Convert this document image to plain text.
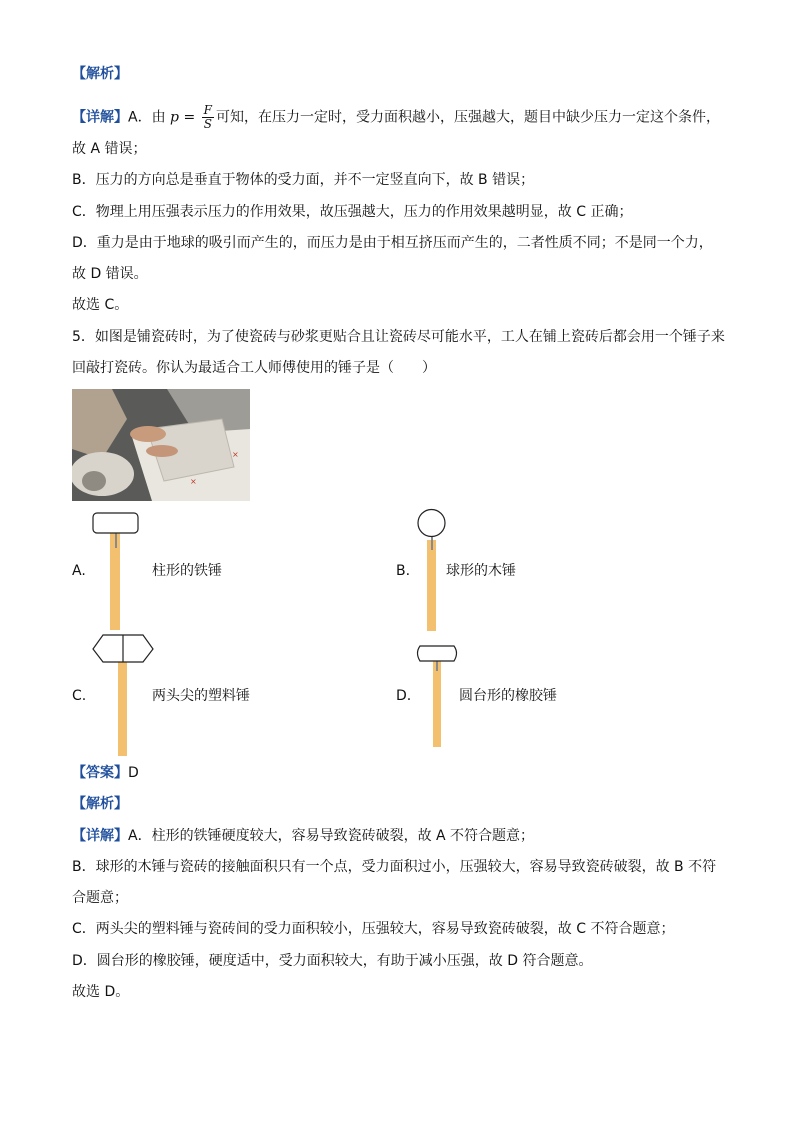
【解析】
【详解】A．由 $p = \frac{F}{S}$ 可知，在压力一定时，受力面积越小，压强越大，题目中缺少压力一定这个条件，
故 A 错误；
B．压力的方向总是垂直于物体的受力面，并不一定竖直向下，故 B 错误；
C．物理上用压强表示压力的作用效果，故压强越大，压力的作用效果越明显，故 C 正确；
D．重力是由于地球的吸引而产生的，而压力是由于相互挤压而产生的，二者性质不同；不是同一个力，
故 D 错误。
故选 C。
5．如图是铺瓷砖时，为了使瓷砖与砂浆更贴合且让瓷砖尽可能水平，工人在铺上瓷砖后都会用一个锤子来
回敲打瓷砖。你认为最适合工人师傅使用的锤子是（　　）
×
×
A.	柱形的铁锤	B.	球形的木锤
C.	两头尖的塑料锤	D.	圆台形的橡胶锤
【答案】D
【解析】
【详解】A．柱形的铁锤硬度较大，容易导致瓷砖破裂，故 A 不符合题意；
B．球形的木锤与瓷砖的接触面积只有一个点，受力面积过小，压强较大，容易导致瓷砖破裂，故 B 不符
合题意；
C．两头尖的塑料锤与瓷砖间的受力面积较小，压强较大，容易导致瓷砖破裂，故 C 不符合题意；
D．圆台形的橡胶锤，硬度适中，受力面积较大，有助于减小压强，故 D 符合题意。
故选 D。
